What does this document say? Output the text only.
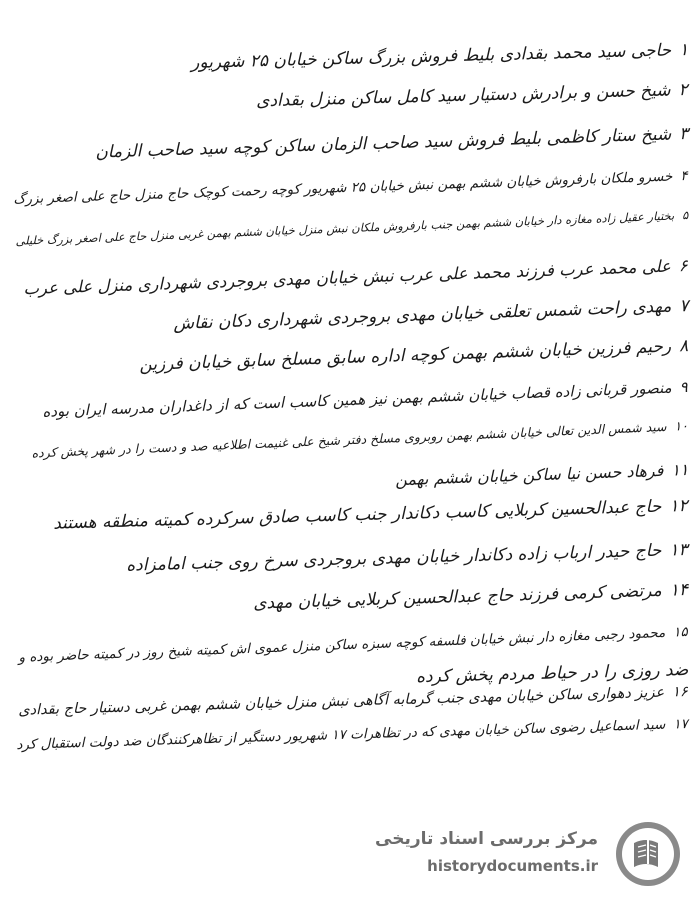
۱حاجی سید محمد بقدادی بلیط فروش بزرگ ساکن خیابان ۲۵ شهریور
۲شیخ حسن و برادرش دستیار سید کامل ساکن منزل بقدادی
۳شیخ ستار کاظمی بلیط فروش سید صاحب الزمان ساکن کوچه سید صاحب الزمان
۴خسرو ملکان بارفروش خیابان ششم بهمن نبش خیابان ۲۵ شهریور کوچه رحمت کوچک حاج منزل حاج علی اصغر بزرگ
۵بختیار عقیل زاده مغازه دار خیابان ششم بهمن جنب بارفروش ملکان نبش منزل خیابان ششم بهمن غربی منزل حاج علی اصغر بزرگ خلیلی
۶علی محمد عرب فرزند محمد علی عرب نبش خیابان مهدی بروجردی شهرداری منزل علی عرب
۷مهدی راحت شمس تعلقی خیابان مهدی بروجردی شهرداری دکان نقاش
۸رحیم فرزین خیابان ششم بهمن کوچه اداره سابق مسلخ سابق خیابان فرزین
۹منصور قربانی زاده قصاب خیابان ششم بهمن نیز همین کاسب است که از داغداران مدرسه ایران بوده
۱۰سید شمس الدین تعالی خیابان ششم بهمن روبروی مسلخ دفتر شیخ علی غنیمت اطلاعیه صد و دست را در شهر پخش کرده
۱۱فرهاد حسن نیا ساکن خیابان ششم بهمن
۱۲حاج عبدالحسین کربلایی کاسب دکاندار جنب کاسب صادق سرکرده کمیته منطقه هستند
۱۳حاج حیدر ارباب زاده دکاندار خیابان مهدی بروجردی سرخ روی جنب امامزاده
۱۴مرتضی کرمی فرزند حاج عبدالحسین کربلایی خیابان مهدی
۱۵محمود رجبی مغازه دار نبش خیابان فلسفه کوچه سبزه ساکن منزل عموی اش کمیته شیخ روز در کمیته حاضر بوده و
ضد روزی را در حیاط مردم پخش کرده
۱۶عزیز دهواری ساکن خیابان مهدی جنب گرمابه آگاهی نبش منزل خیابان ششم بهمن غربی دستیار حاج بقدادی
۱۷سید اسماعیل رضوی ساکن خیابان مهدی که در تظاهرات ۱۷ شهریور دستگیر از تظاهرکنندگان ضد دولت استقبال کرد
مرکز بررسی اسناد تاریخی
historydocuments.ir
